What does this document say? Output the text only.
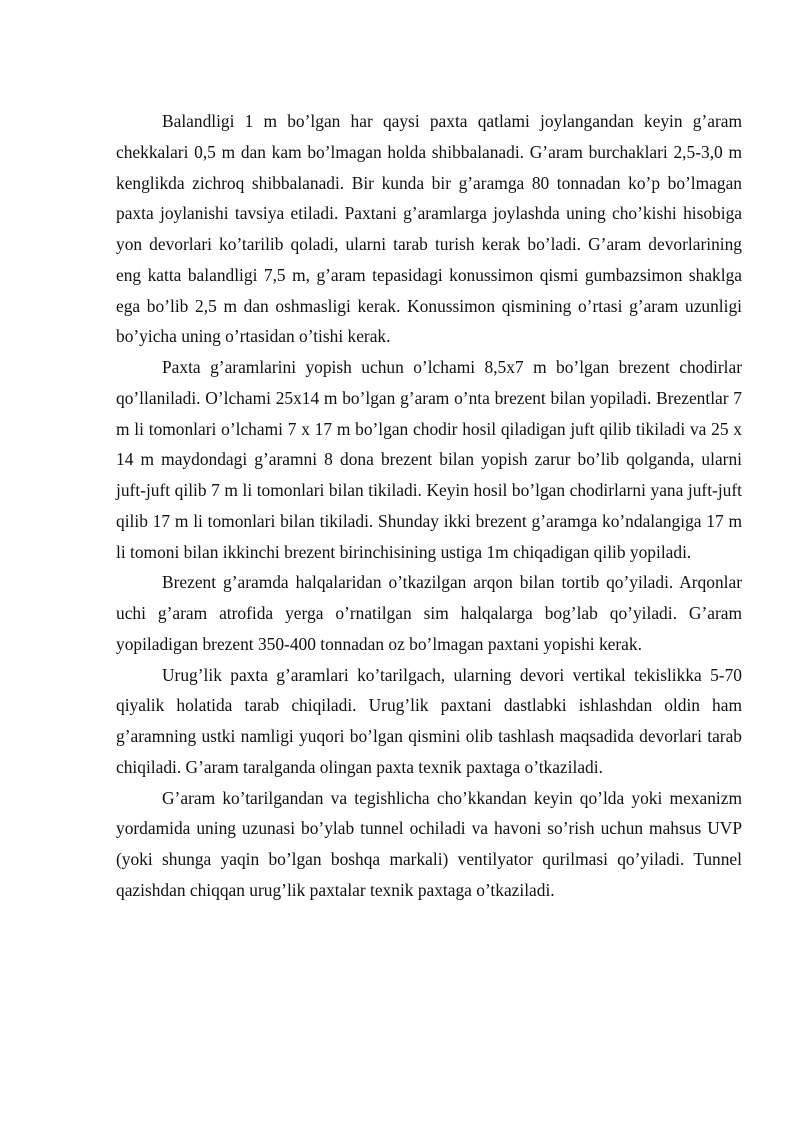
Balandligi 1 m bo’lgan har qaysi paxta qatlami joylangandan keyin g’aram chekkalari 0,5 m dan kam bo’lmagan holda shibbalanadi. G’aram burchaklari 2,5-3,0 m kenglikda zichroq shibbalanadi. Bir kunda bir g’aramga 80 tonnadan ko’p bo’lmagan paxta joylanishi tavsiya etiladi. Paxtani g’aramlarga joylashda uning cho’kishi hisobiga yon devorlari ko’tarilib qoladi, ularni tarab turish kerak bo’ladi. G’aram devorlarining eng katta balandligi 7,5 m, g’aram tepasidagi konussimon qismi gumbazsimon shaklga ega bo’lib 2,5 m dan oshmasligi kerak. Konussimon qismining o’rtasi g’aram uzunligi bo’yicha uning o’rtasidan o’tishi kerak.

Paxta g’aramlarini yopish uchun o’lchami 8,5x7 m bo’lgan brezent chodirlar qo’llaniladi. O’lchami 25x14 m bo’lgan g’aram o’nta brezent bilan yopiladi. Brezentlar 7 m li tomonlari o’lchami 7 x 17 m bo’lgan chodir hosil qiladigan juft qilib tikiladi va 25 x 14 m maydondagi g’aramni 8 dona brezent bilan yopish zarur bo’lib qolganda, ularni juft-juft qilib 7 m li tomonlari bilan tikiladi. Keyin hosil bo’lgan chodirlarni yana juft-juft qilib 17 m li tomonlari bilan tikiladi. Shunday ikki brezent g’aramga ko’ndalangiga 17 m li tomoni bilan ikkinchi brezent birinchisining ustiga 1m chiqadigan qilib yopiladi.

Brezent g’aramda halqalaridan o’tkazilgan arqon bilan tortib qo’yiladi. Arqonlar uchi g’aram atrofida yerga o’rnatilgan sim halqalarga bog’lab qo’yiladi. G’aram yopiladigan brezent 350-400 tonnadan oz bo’lmagan paxtani yopishi kerak.

Urug’lik paxta g’aramlari ko’tarilgach, ularning devori vertikal tekislikka 5-70 qiyalik holatida tarab chiqiladi. Urug’lik paxtani dastlabki ishlashdan oldin ham g’aramning ustki namligi yuqori bo’lgan qismini olib tashlash maqsadida devorlari tarab chiqiladi. G’aram taralganda olingan paxta texnik paxtaga o’tkaziladi.

G’aram ko’tarilgandan va tegishlicha cho’kkandan keyin qo’lda yoki mexanizm yordamida uning uzunasi bo’ylab tunnel ochiladi va havoni so’rish uchun mahsus UVP (yoki shunga yaqin bo’lgan boshqa markali) ventilyator qurilmasi qo’yiladi. Tunnel qazishdan chiqqan urug’lik paxtalar texnik paxtaga o’tkaziladi.
